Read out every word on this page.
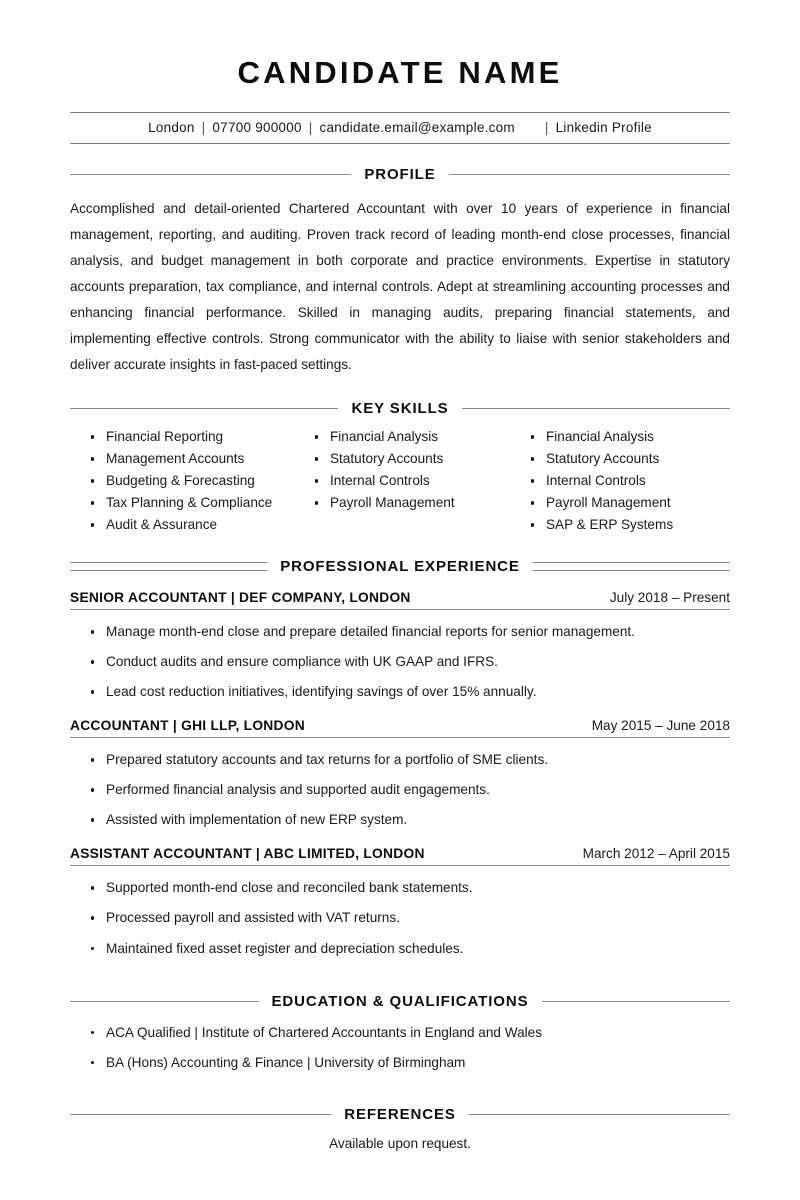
CANDIDATE NAME
London | 07700 900000 | candidate.email@example.com | Linkedin Profile
PROFILE

Accomplished and detail-oriented Chartered Accountant with over 10 years of experience in financial management, reporting, and auditing. Proven track record of leading month-end close processes, financial analysis, and budget management in both corporate and practice environments. Expertise in statutory accounts preparation, tax compliance, and internal controls. Adept at streamlining accounting processes and enhancing financial performance. Skilled in managing audits, preparing financial statements, and implementing effective controls. Strong communicator with the ability to liaise with senior stakeholders and deliver accurate insights in fast-paced settings.

KEY SKILLS
Financial Reporting
Management Accounts
Budgeting & Forecasting
Tax Planning & Compliance
Audit & Assurance
Financial Analysis
Statutory Accounts
Internal Controls
Payroll Management
Financial Analysis
Statutory Accounts
Internal Controls
Payroll Management
SAP & ERP Systems
PROFESSIONAL EXPERIENCE
SENIOR ACCOUNTANT | DEF COMPANY, LONDON	July 2018 – Present
Manage month-end close and prepare detailed financial reports for senior management.
Conduct audits and ensure compliance with UK GAAP and IFRS.
Lead cost reduction initiatives, identifying savings of over 15% annually.
ACCOUNTANT | GHI LLP, LONDON	May 2015 – June 2018
Prepared statutory accounts and tax returns for a portfolio of SME clients.
Performed financial analysis and supported audit engagements.
Assisted with implementation of new ERP system.
ASSISTANT ACCOUNTANT | ABC LIMITED, LONDON	March 2012 – April 2015
Supported month-end close and reconciled bank statements.
Processed payroll and assisted with VAT returns.
Maintained fixed asset register and depreciation schedules.
EDUCATION & QUALIFICATIONS
ACA Qualified | Institute of Chartered Accountants in England and Wales
BA (Hons) Accounting & Finance | University of Birmingham
REFERENCES

Available upon request.
